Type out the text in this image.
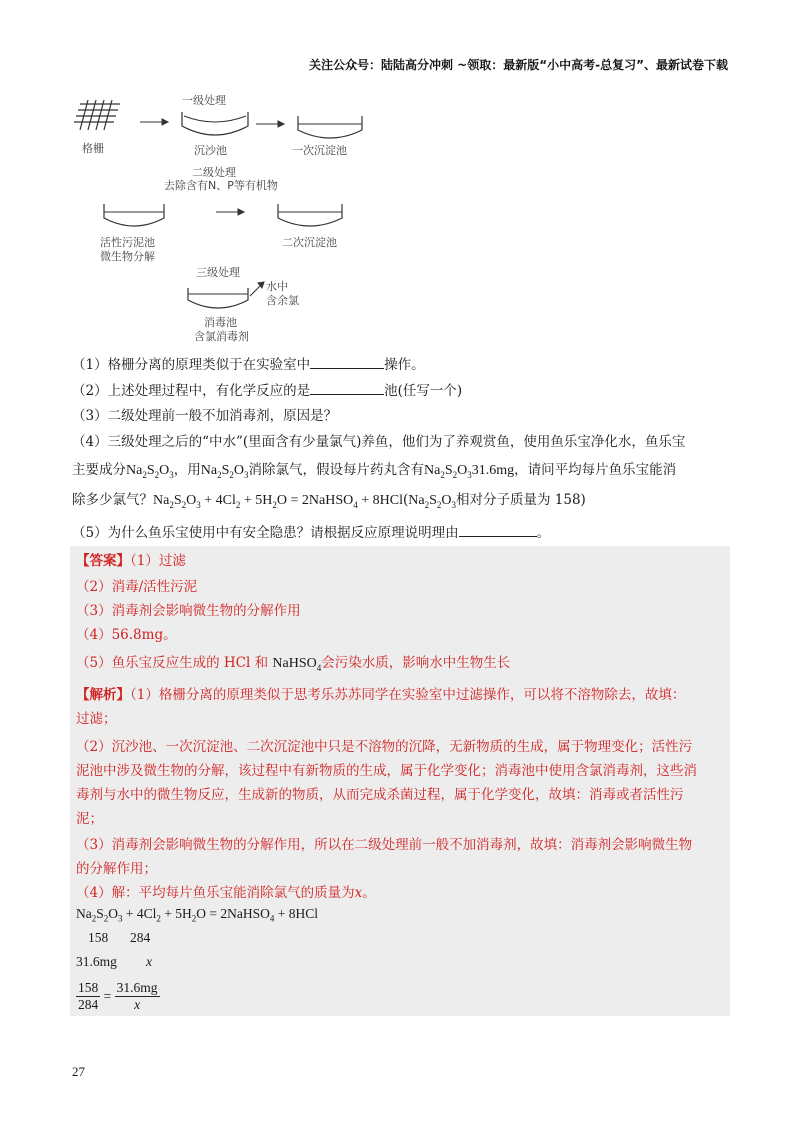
关注公众号：陆陆高分冲刺 ~领取：最新版“小中高考-总复习”、最新试卷下载
格栅
一级处理
沉沙池	一次沉淀池
二级处理
去除含有N、P等有机物
活性污泥池
微生物分解
二次沉淀池
三级处理
水中
含余氯
消毒池
含氯消毒剂
（1）格栅分离的原理类似于在实验室中	操作。
（2）上述处理过程中，有化学反应的是	池(任写一个)
（3）二级处理前一般不加消毒剂，原因是？
（4）三级处理之后的“中水”(里面含有少量氯气)养鱼，他们为了养观赏鱼，使用鱼乐宝净化水，鱼乐宝
主要成分$Na_2S_2O_3$，用$Na_2S_2O_3$消除氯气，假设每片药丸含有$Na_2S_2O_331.6mg$，请问平均每片鱼乐宝能消
除多少氯气？$Na_2S_2O_3 + 4Cl_2 + 5H_2O$ = 2NaHSO$_4$ + $8HCl(Na_2S_2O_3$相对分子质量为 158)
（5）为什么鱼乐宝使用中有安全隐患？请根据反应原理说明理由	。
【答案】（1）过滤
（2）消毒/活性污泥
（3）消毒剂会影响微生物的分解作用
（4）56.8mg。
（5）鱼乐宝反应生成的 HCl 和 NaHSO$_4$会污染水质，影响水中生物生长
【解析】（1）格栅分离的原理类似于思考乐苏苏同学在实验室中过滤操作，可以将不溶物除去，故填：
过滤；
（2）沉沙池、一次沉淀池、二次沉淀池中只是不溶物的沉降，无新物质的生成，属于物理变化；活性污
泥池中涉及微生物的分解，该过程中有新物质的生成，属于化学变化；消毒池中使用含氯消毒剂，这些消
毒剂与水中的微生物反应，生成新的物质，从而完成杀菌过程，属于化学变化，故填：消毒或者活性污
泥；
（3）消毒剂会影响微生物的分解作用，所以在二级处理前一般不加消毒剂，故填：消毒剂会影响微生物
的分解作用；
（4）解：平均每片鱼乐宝能消除氯气的质量为x。
$Na_2S_2O_3 + 4Cl_2 + 5H_2O$ = 2NaHSO$_4$ + 8HCl
158 284
31.6mg x
$\frac{158}{284} = \frac{31.6mg}{x}$
27
